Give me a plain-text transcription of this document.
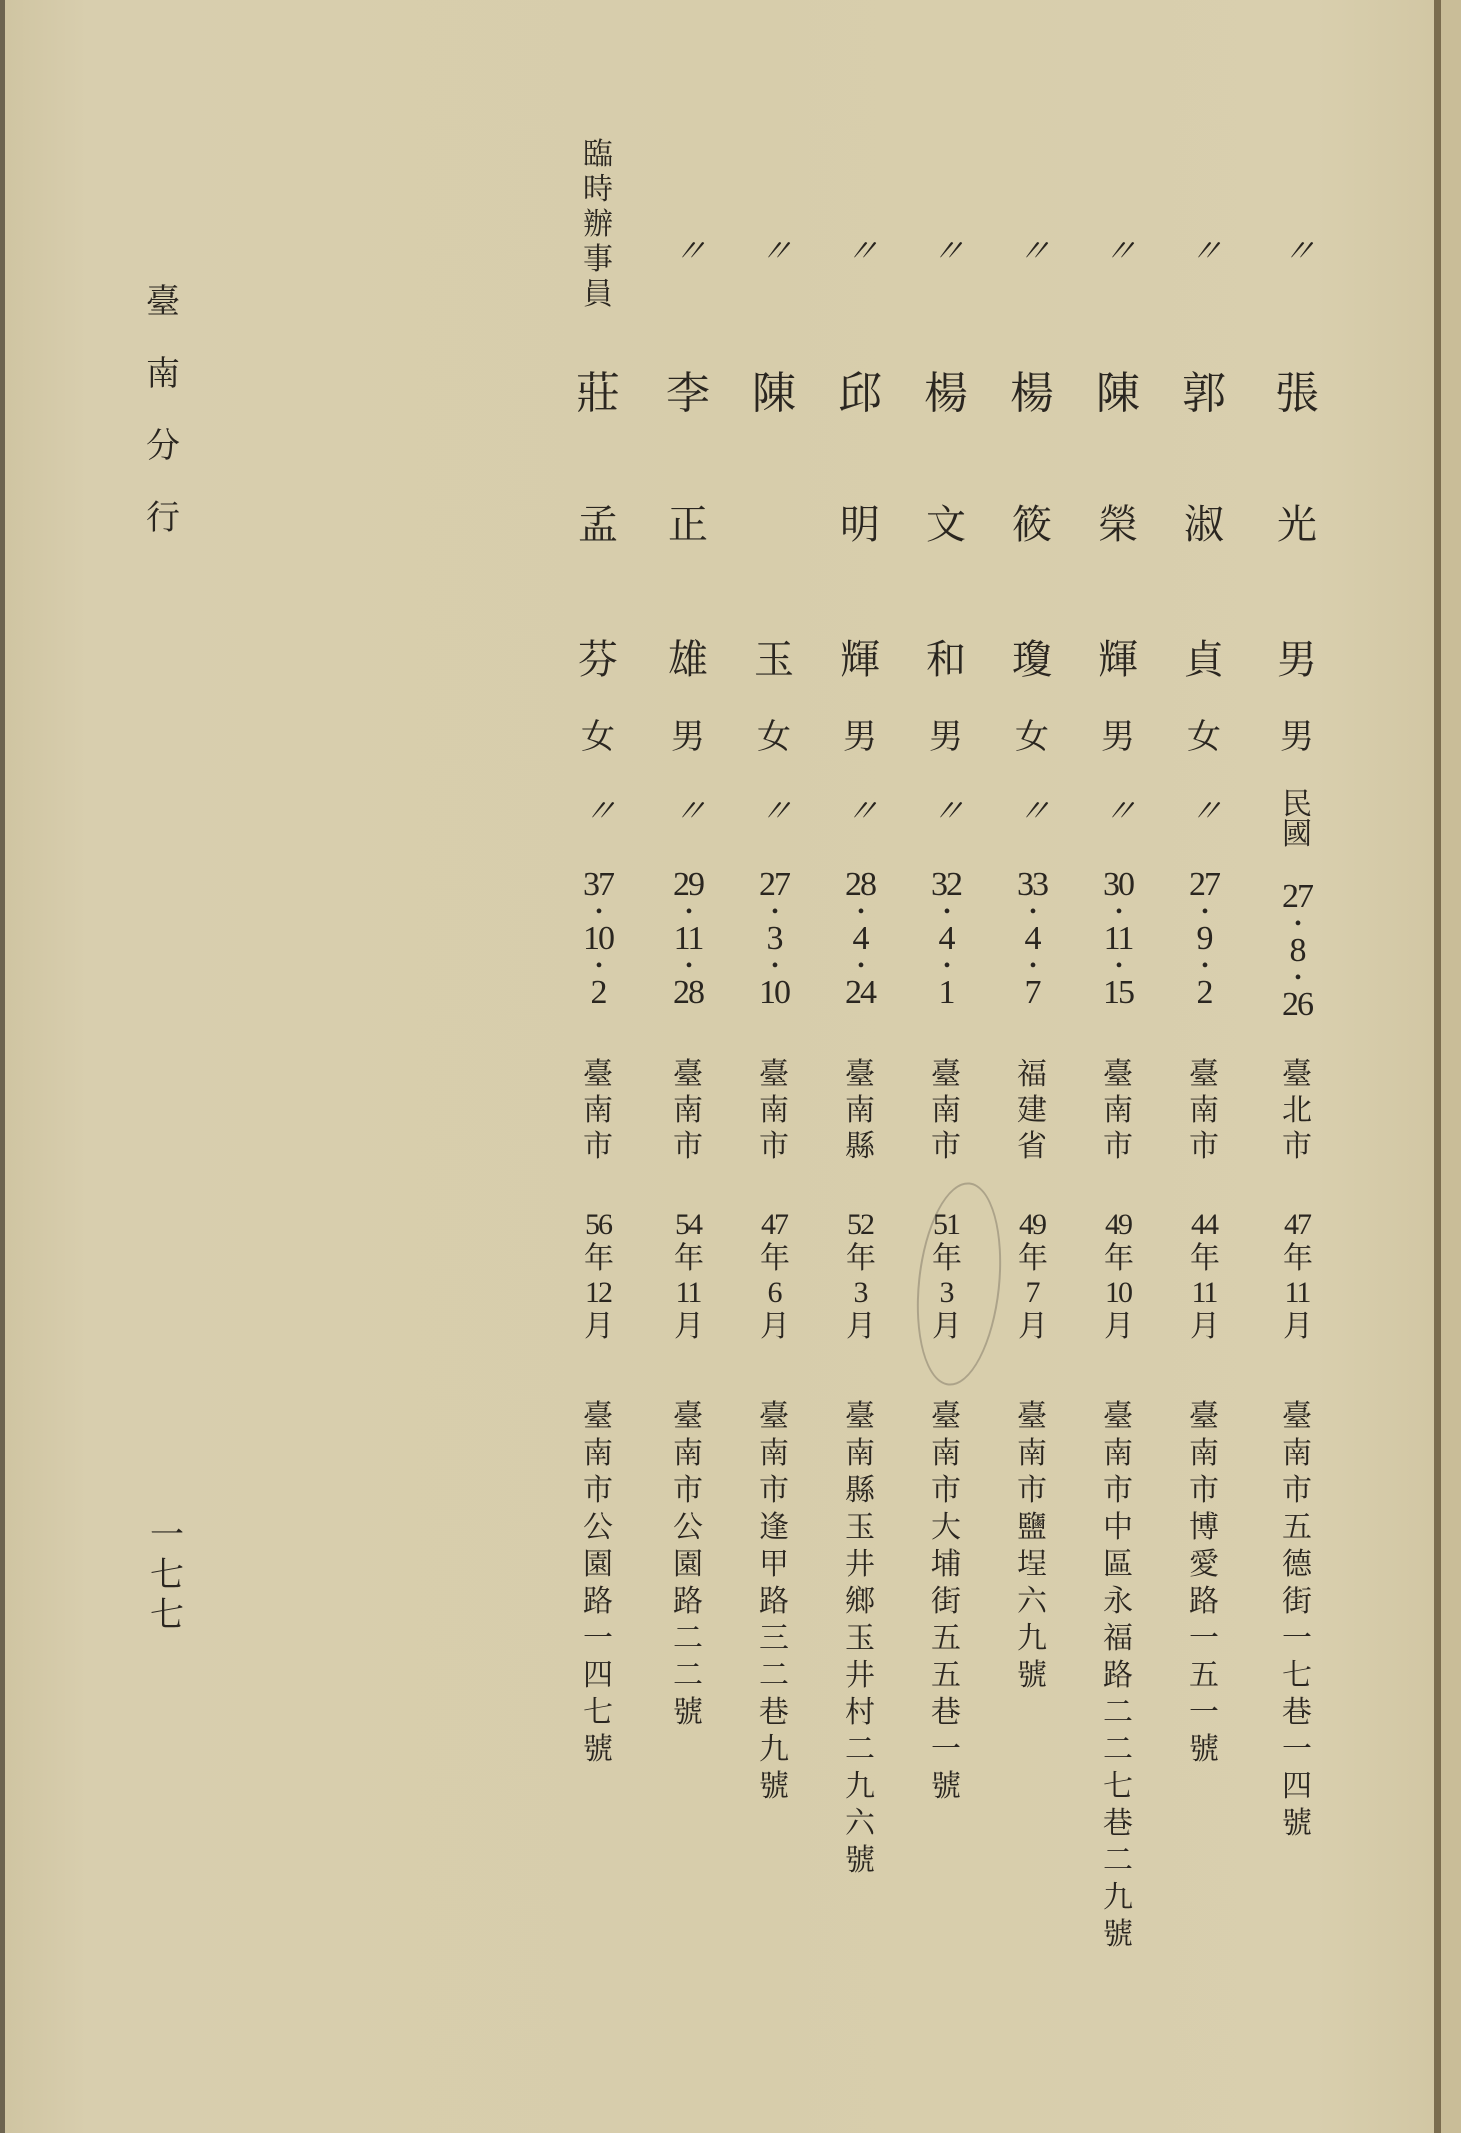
臺
南
分
行
一
七
七
〃
張
光
男
男
民
國
27
•
8
•
26
臺
北
市
47
年
11
月
臺
南
市
五
德
街
一
七
巷
一
四
號
〃
郭
淑
貞
女
〃
27
•
9
•
2
臺
南
市
44
年
11
月
臺
南
市
博
愛
路
一
五
一
號
〃
陳
榮
輝
男
〃
30
•
11
•
15
臺
南
市
49
年
10
月
臺
南
市
中
區
永
福
路
二
二
七
巷
二
九
號
〃
楊
筱
瓊
女
〃
33
•
4
•
7
福
建
省
49
年
7
月
臺
南
市
鹽
埕
六
九
號
〃
楊
文
和
男
〃
32
•
4
•
1
臺
南
市
51
年
3
月
臺
南
市
大
埔
街
五
五
巷
一
號
〃
邱
明
輝
男
〃
28
•
4
•
24
臺
南
縣
52
年
3
月
臺
南
縣
玉
井
鄉
玉
井
村
二
九
六
號
〃
陳
玉
女
〃
27
•
3
•
10
臺
南
市
47
年
6
月
臺
南
市
逢
甲
路
三
二
巷
九
號
〃
李
正
雄
男
〃
29
•
11
•
28
臺
南
市
54
年
11
月
臺
南
市
公
園
路
二
二
號
臨
時
辦
事
員
莊
孟
芬
女
〃
37
•
10
•
2
臺
南
市
56
年
12
月
臺
南
市
公
園
路
一
四
七
號
